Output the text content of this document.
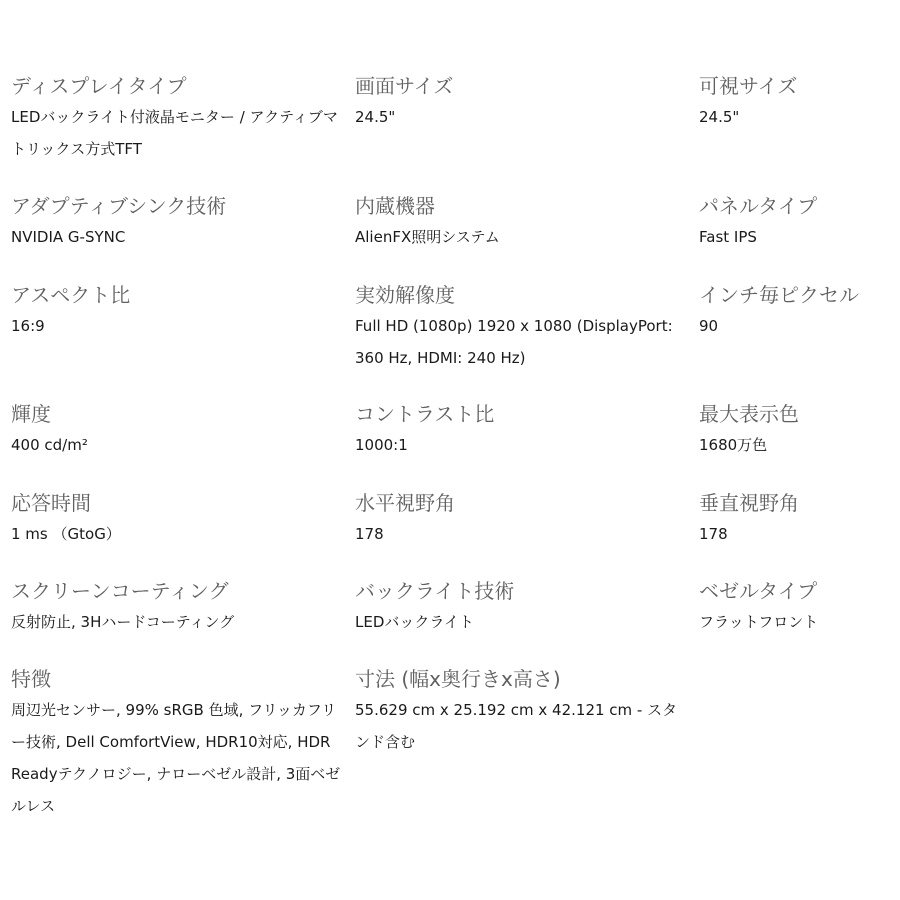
ディスプレイタイプ
LEDバックライト付液晶モニター / アクティブマトリックス方式TFT
画面サイズ
24.5"
可視サイズ
24.5"
アダプティブシンク技術
NVIDIA G-SYNC
内蔵機器
AlienFX照明システム
パネルタイプ
Fast IPS
アスペクト比
16:9
実効解像度
Full HD (1080p) 1920 x 1080 (DisplayPort: 360 Hz, HDMI: 240 Hz)
インチ毎ピクセル
90
輝度
400 cd/m²
コントラスト比
1000:1
最大表示色
1680万色
応答時間
1 ms （GtoG）
水平視野角
178
垂直視野角
178
スクリーンコーティング
反射防止, 3Hハードコーティング
バックライト技術
LEDバックライト
ベゼルタイプ
フラットフロント
特徴
周辺光センサー, 99% sRGB 色域, フリッカフリー技術, Dell ComfortView, HDR10対応, HDR Readyテクノロジー, ナローベゼル設計, 3面ベゼルレス
寸法 (幅x奥行きx高さ)
55.629 cm x 25.192 cm x 42.121 cm - スタンド含む
